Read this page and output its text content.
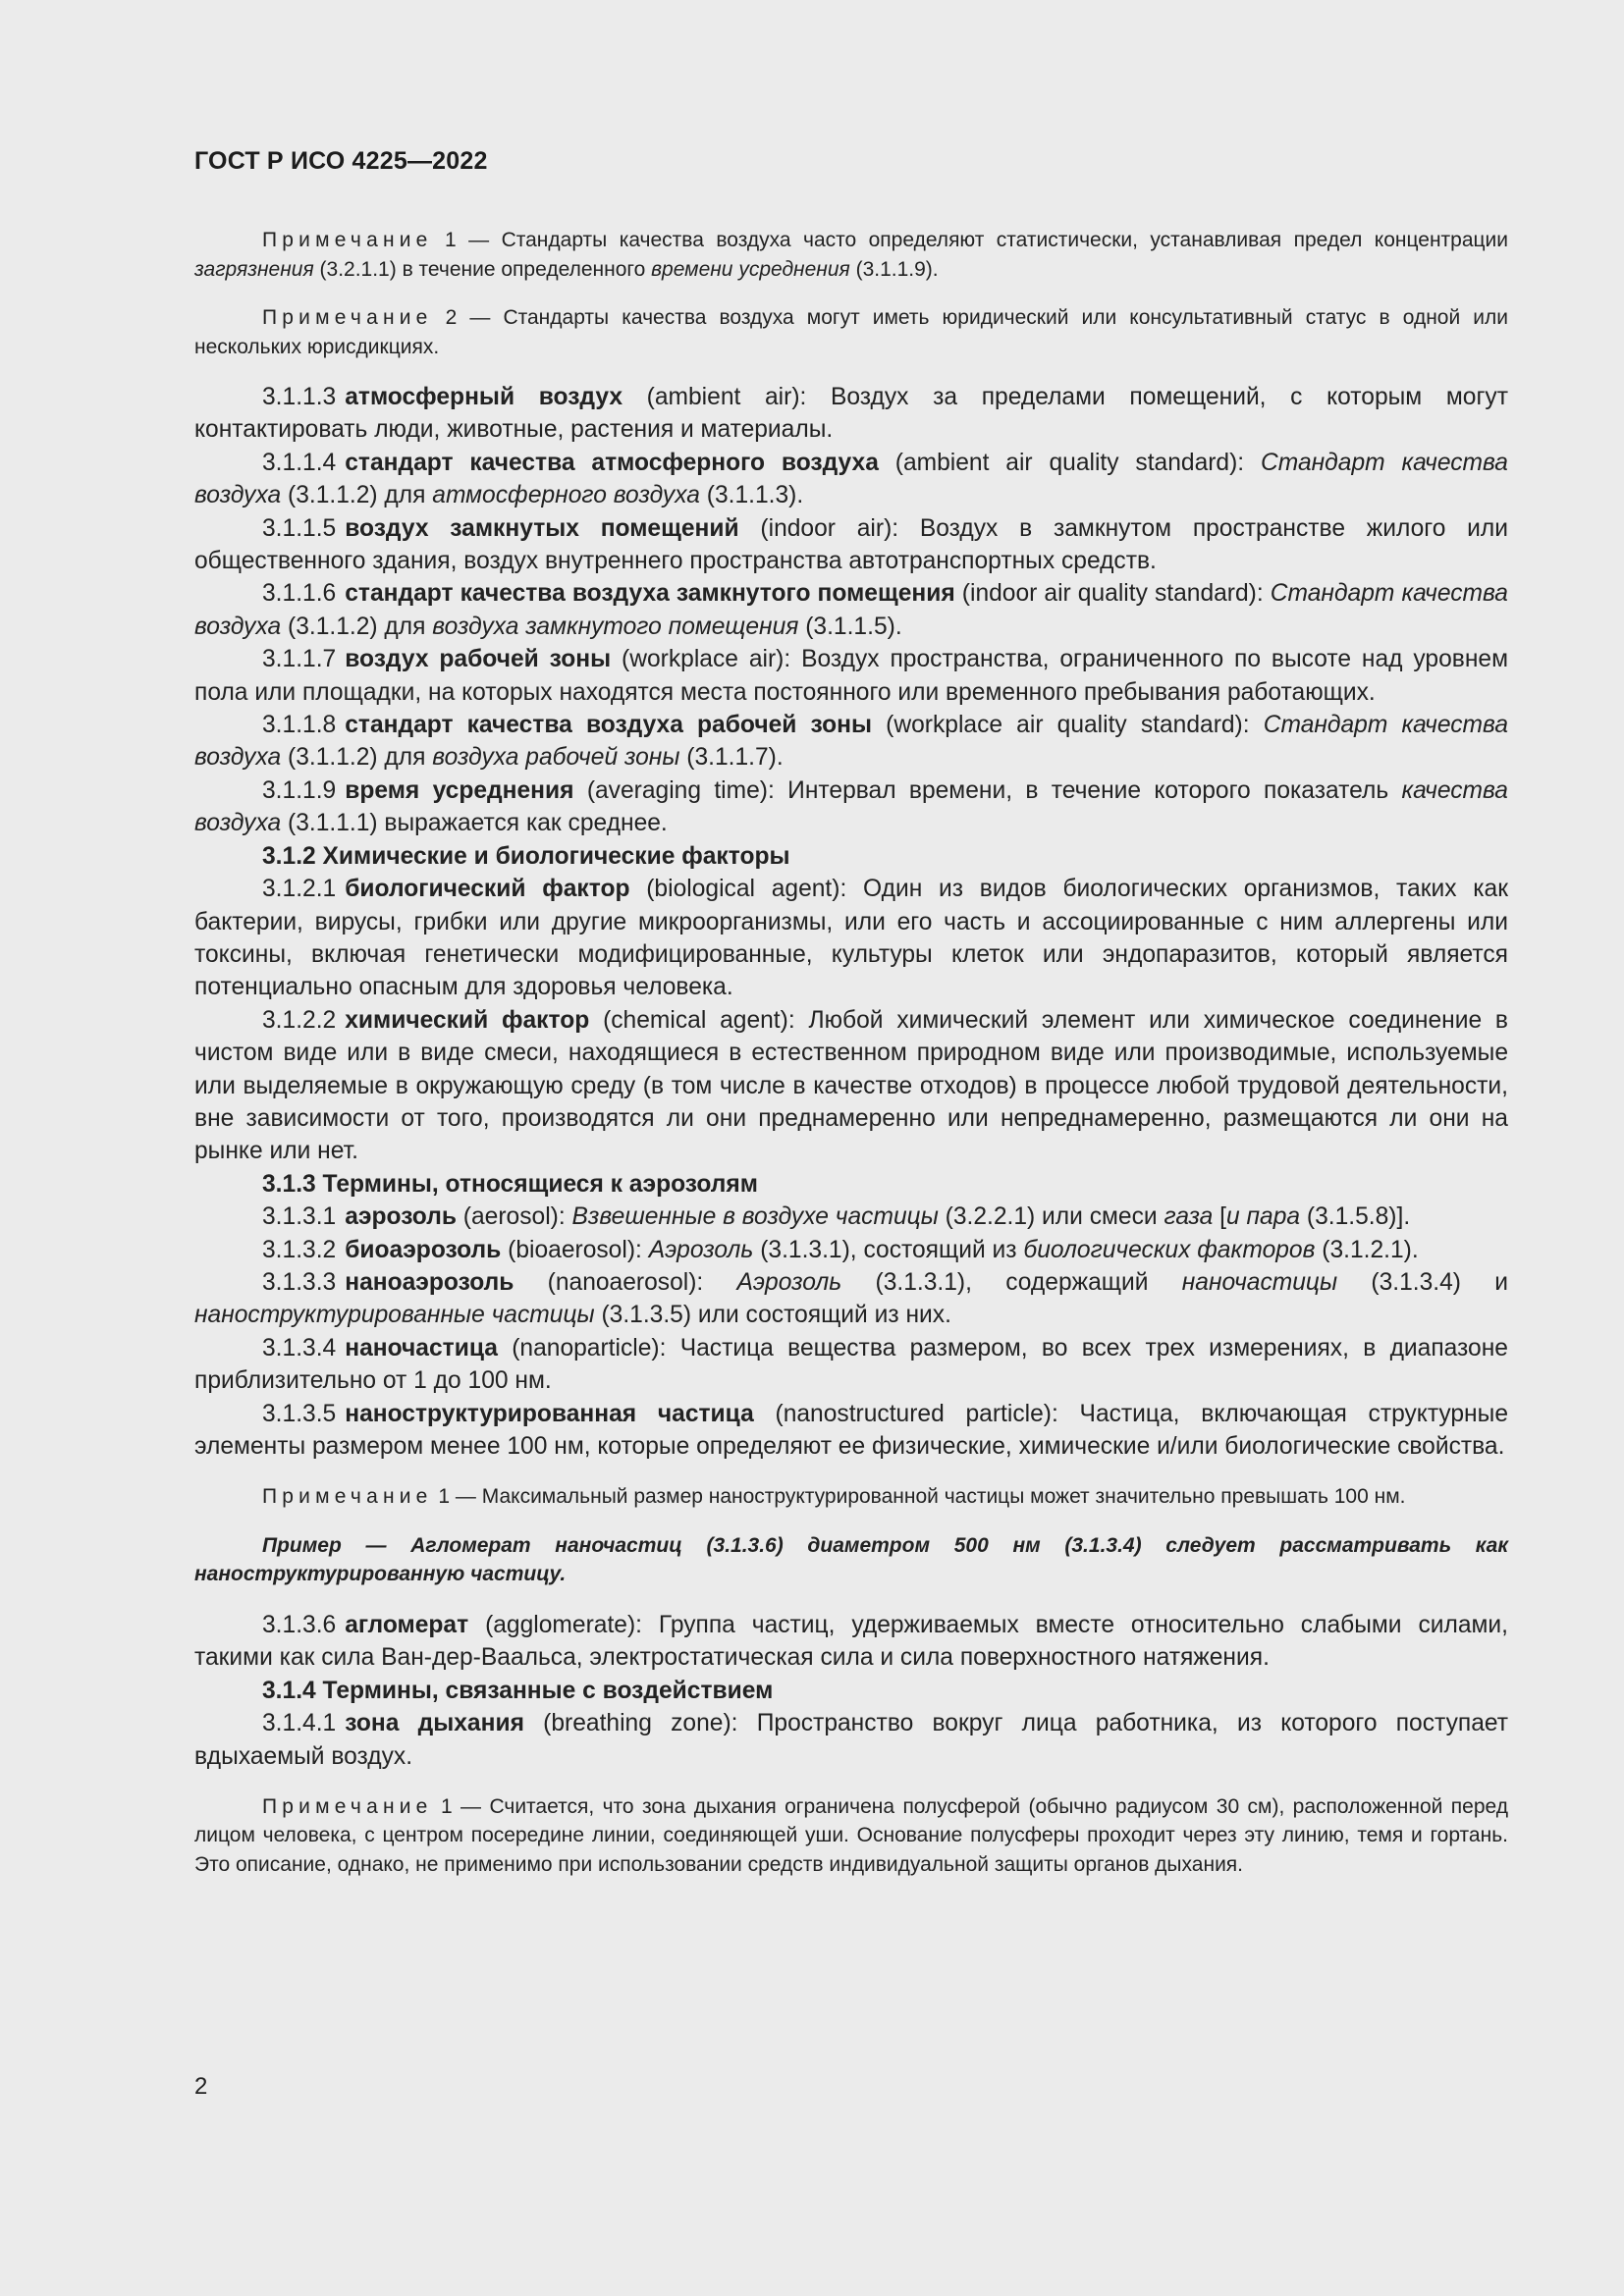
ГОСТ Р ИСО 4225—2022

Примечание 1 — Стандарты качества воздуха часто определяют статистически, устанавливая предел концентрации загрязнения (3.2.1.1) в течение определенного времени усреднения (3.1.1.9).

Примечание 2 — Стандарты качества воздуха могут иметь юридический или консультативный статус в одной или нескольких юрисдикциях.

3.1.1.3 атмосферный воздух (ambient air): Воздух за пределами помещений, с которым могут контактировать люди, животные, растения и материалы.

3.1.1.4 стандарт качества атмосферного воздуха (ambient air quality standard): Стандарт качества воздуха (3.1.1.2) для атмосферного воздуха (3.1.1.3).

3.1.1.5 воздух замкнутых помещений (indoor air): Воздух в замкнутом пространстве жилого или общественного здания, воздух внутреннего пространства автотранспортных средств.

3.1.1.6 стандарт качества воздуха замкнутого помещения (indoor air quality standard): Стандарт качества воздуха (3.1.1.2) для воздуха замкнутого помещения (3.1.1.5).

3.1.1.7 воздух рабочей зоны (workplace air): Воздух пространства, ограниченного по высоте над уровнем пола или площадки, на которых находятся места постоянного или временного пребывания работающих.

3.1.1.8 стандарт качества воздуха рабочей зоны (workplace air quality standard): Стандарт качества воздуха (3.1.1.2) для воздуха рабочей зоны (3.1.1.7).

3.1.1.9 время усреднения (averaging time): Интервал времени, в течение которого показатель качества воздуха (3.1.1.1) выражается как среднее.

3.1.2 Химические и биологические факторы

3.1.2.1 биологический фактор (biological agent): Один из видов биологических организмов, таких как бактерии, вирусы, грибки или другие микроорганизмы, или его часть и ассоциированные с ним аллергены или токсины, включая генетически модифицированные, культуры клеток или эндопаразитов, который является потенциально опасным для здоровья человека.

3.1.2.2 химический фактор (chemical agent): Любой химический элемент или химическое соединение в чистом виде или в виде смеси, находящиеся в естественном природном виде или производимые, используемые или выделяемые в окружающую среду (в том числе в качестве отходов) в процессе любой трудовой деятельности, вне зависимости от того, производятся ли они преднамеренно или непреднамеренно, размещаются ли они на рынке или нет.

3.1.3 Термины, относящиеся к аэрозолям

3.1.3.1 аэрозоль (aerosol): Взвешенные в воздухе частицы (3.2.2.1) или смеси газа [и пара (3.1.5.8)].

3.1.3.2 биоаэрозоль (bioaerosol): Аэрозоль (3.1.3.1), состоящий из биологических факторов (3.1.2.1).

3.1.3.3 наноаэрозоль (nanoaerosol): Аэрозоль (3.1.3.1), содержащий наночастицы (3.1.3.4) и наноструктурированные частицы (3.1.3.5) или состоящий из них.

3.1.3.4 наночастица (nanoparticle): Частица вещества размером, во всех трех измерениях, в диапазоне приблизительно от 1 до 100 нм.

3.1.3.5 наноструктурированная частица (nanostructured particle): Частица, включающая структурные элементы размером менее 100 нм, которые определяют ее физические, химические и/или биологические свойства.

Примечание 1 — Максимальный размер наноструктурированной частицы может значительно превышать 100 нм.

Пример — Агломерат наночастиц (3.1.3.6) диаметром 500 нм (3.1.3.4) следует рассматривать как наноструктурированную частицу.

3.1.3.6 агломерат (agglomerate): Группа частиц, удерживаемых вместе относительно слабыми силами, такими как сила Ван-дер-Ваальса, электростатическая сила и сила поверхностного натяжения.

3.1.4 Термины, связанные с воздействием

3.1.4.1 зона дыхания (breathing zone): Пространство вокруг лица работника, из которого поступает вдыхаемый воздух.

Примечание 1 — Считается, что зона дыхания ограничена полусферой (обычно радиусом 30 см), расположенной перед лицом человека, с центром посередине линии, соединяющей уши. Основание полусферы проходит через эту линию, темя и гортань. Это описание, однако, не применимо при использовании средств индивидуальной защиты органов дыхания.

2
